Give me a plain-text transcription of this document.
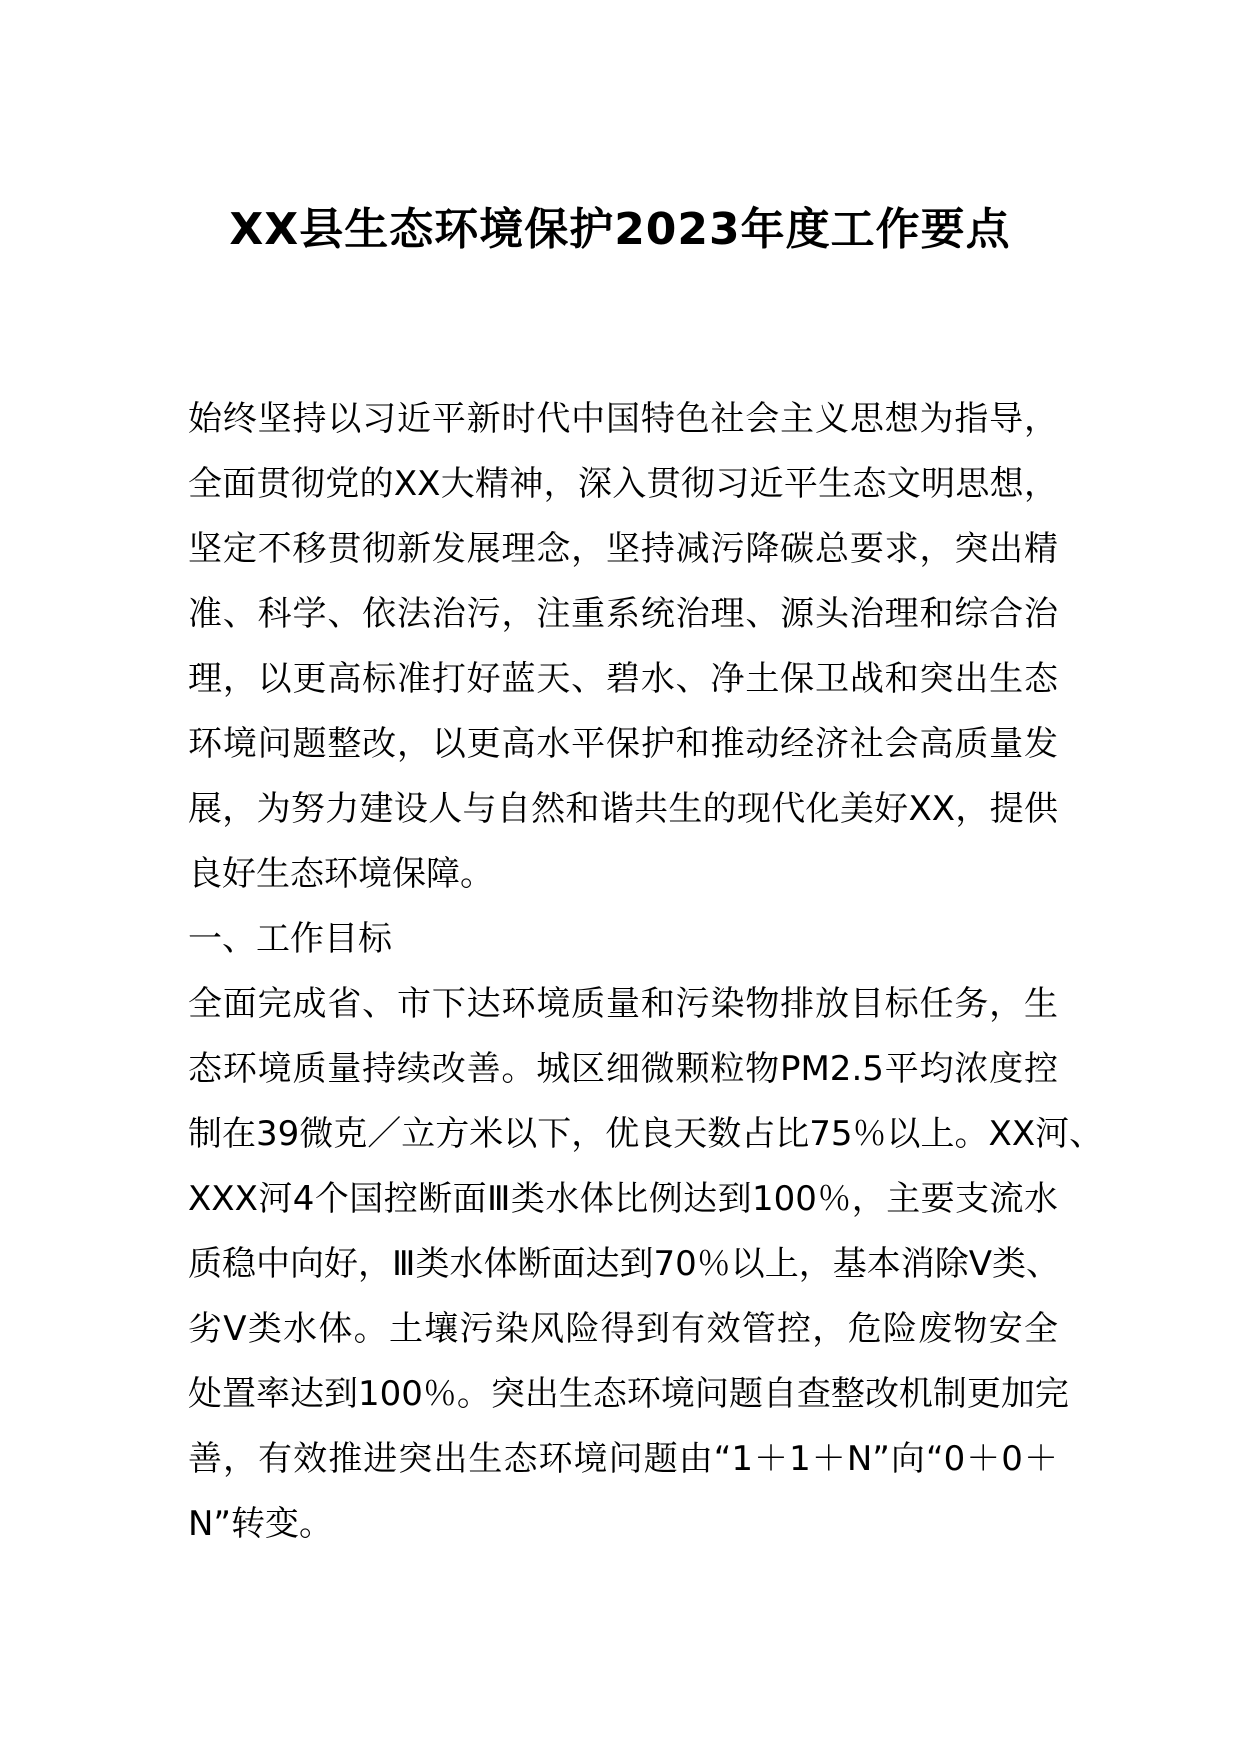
XX县生态环境保护2023年度工作要点

始终坚持以习近平新时代中国特色社会主义思想为指导，

全面贯彻党的XX大精神，深入贯彻习近平生态文明思想，

坚定不移贯彻新发展理念，坚持减污降碳总要求，突出精

准、科学、依法治污，注重系统治理、源头治理和综合治

理，以更高标准打好蓝天、碧水、净土保卫战和突出生态

环境问题整改，以更高水平保护和推动经济社会高质量发

展，为努力建设人与自然和谐共生的现代化美好XX，提供

良好生态环境保障。

一、工作目标

全面完成省、市下达环境质量和污染物排放目标任务，生

态环境质量持续改善。城区细微颗粒物PM2.5平均浓度控

制在39微克／立方米以下，优良天数占比75％以上。XX河、

XXX河4个国控断面Ⅲ类水体比例达到100％，主要支流水

质稳中向好，Ⅲ类水体断面达到70％以上，基本消除Ⅴ类、

劣Ⅴ类水体。土壤污染风险得到有效管控，危险废物安全

处置率达到100％。突出生态环境问题自查整改机制更加完

善，有效推进突出生态环境问题由“1＋1＋N”向“0＋0＋

N”转变。
